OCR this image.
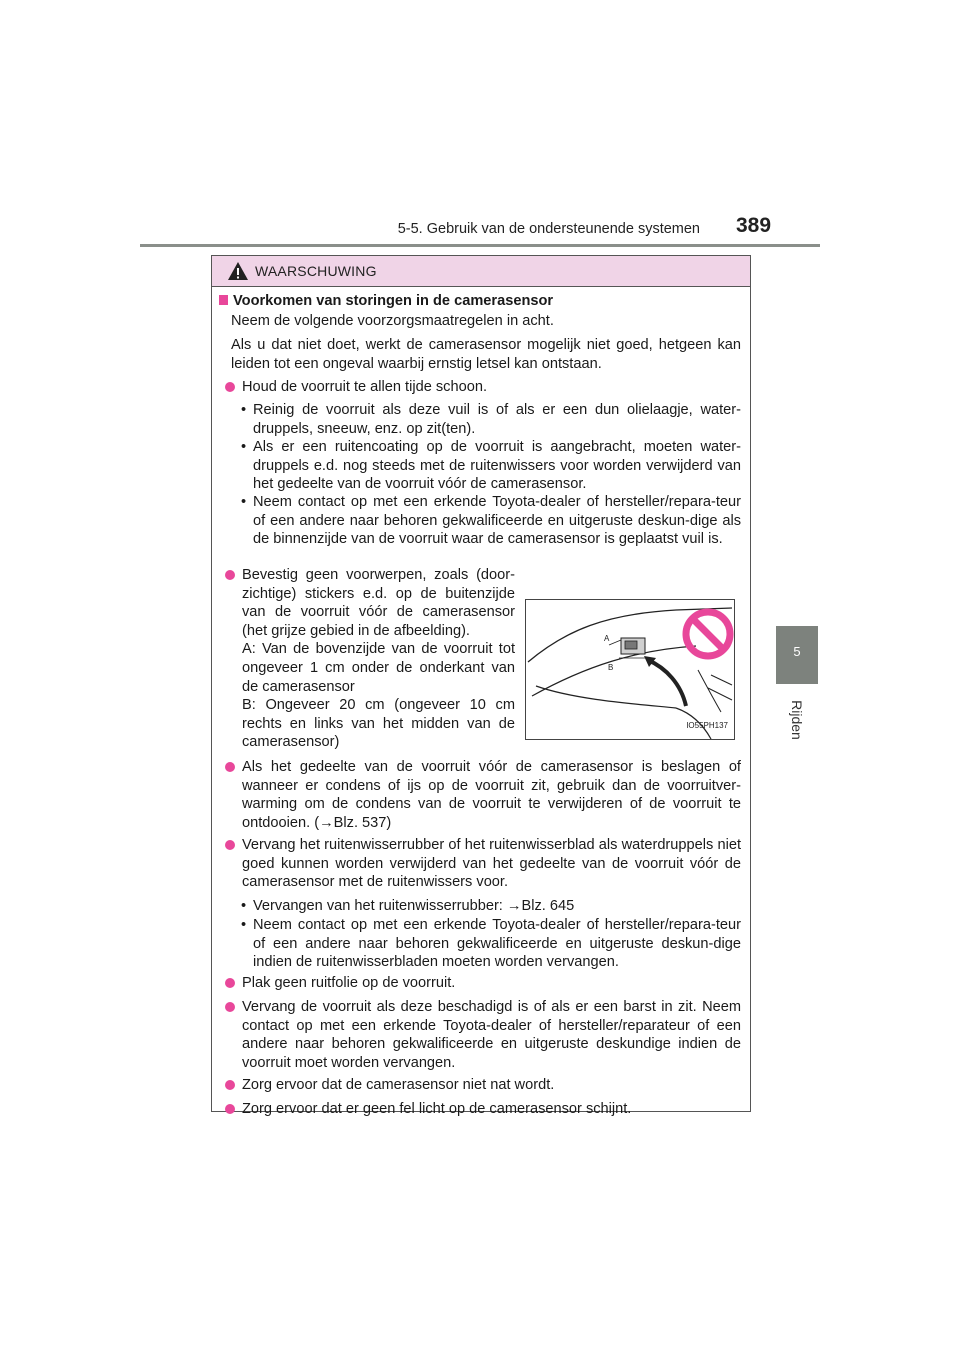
5-5. Gebruik van de ondersteunende systemen 389
5
Rijden
WAARSCHUWING
Voorkomen van storingen in de camerasensor
Neem de volgende voorzorgsmaatregelen in acht.
Als u dat niet doet, werkt de camerasensor mogelijk niet goed, hetgeen kan leiden tot een ongeval waarbij ernstig letsel kan ontstaan.
Houd de voorruit te allen tijde schoon.
• Reinig de voorruit als deze vuil is of als er een dun olielaagje, water-druppels, sneeuw, enz. op zit(ten).
• Als er een ruitencoating op de voorruit is aangebracht, moeten water-druppels e.d. nog steeds met de ruitenwissers voor worden verwijderd van het gedeelte van de voorruit vóór de camerasensor.
• Neem contact op met een erkende Toyota-dealer of hersteller/repara-teur of een andere naar behoren gekwalificeerde en uitgeruste deskun-dige als de binnenzijde van de voorruit waar de camerasensor is geplaatst vuil is.
Bevestig geen voorwerpen, zoals (door-zichtige) stickers e.d. op de buitenzijde van de voorruit vóór de camerasensor (het grijze gebied in de afbeelding).
A: Van de bovenzijde van de voorruit tot ongeveer 1 cm onder de onderkant van de camerasensor
B: Ongeveer 20 cm (ongeveer 10 cm rechts en links van het midden van de camerasensor)
A
B
IO55PH137
Als het gedeelte van de voorruit vóór de camerasensor is beslagen of wanneer er condens of ijs op de voorruit zit, gebruik dan de voorruitver-warming om de condens van de voorruit te verwijderen of de voorruit te ontdooien. (→Blz. 537)
Vervang het ruitenwisserrubber of het ruitenwisserblad als waterdruppels niet goed kunnen worden verwijderd van het gedeelte van de voorruit vóór de camerasensor met de ruitenwissers voor.
• Vervangen van het ruitenwisserrubber: →Blz. 645
• Neem contact op met een erkende Toyota-dealer of hersteller/repara-teur of een andere naar behoren gekwalificeerde en uitgeruste deskun-dige indien de ruitenwisserbladen moeten worden vervangen.
Plak geen ruitfolie op de voorruit.
Vervang de voorruit als deze beschadigd is of als er een barst in zit. Neem contact op met een erkende Toyota-dealer of hersteller/reparateur of een andere naar behoren gekwalificeerde en uitgeruste deskundige indien de voorruit moet worden vervangen.
Zorg ervoor dat de camerasensor niet nat wordt.
Zorg ervoor dat er geen fel licht op de camerasensor schijnt.
